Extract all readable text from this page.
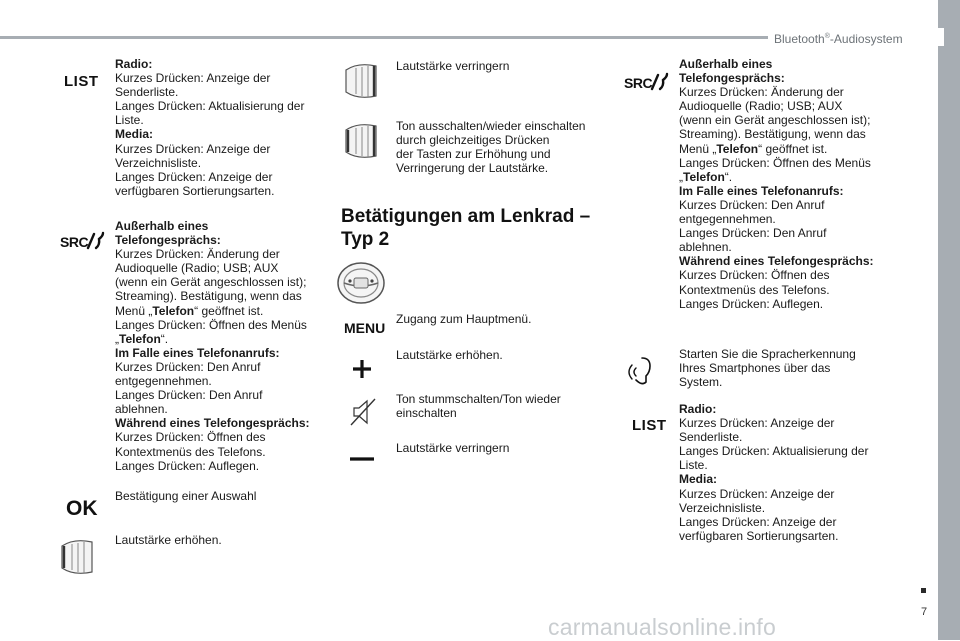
Bluetooth®-Audiosystem
7
carmanualsonline.info
LIST
Radio:
Kurzes Drücken: Anzeige der
Senderliste.
Langes Drücken: Aktualisierung der
Liste.
Media:
Kurzes Drücken: Anzeige der
Verzeichnisliste.
Langes Drücken: Anzeige der
verfügbaren Sortierungsarten.
SRC
Außerhalb eines
Telefongesprächs:
Kurzes Drücken: Änderung der
Audioquelle (Radio; USB; AUX
(wenn ein Gerät angeschlossen ist);
Streaming). Bestätigung, wenn das
Menü „Telefon“ geöffnet ist.
Langes Drücken: Öffnen des Menüs
„Telefon“.
Im Falle eines Telefonanrufs:
Kurzes Drücken: Den Anruf
entgegennehmen.
Langes Drücken: Den Anruf
ablehnen.
Während eines Telefongesprächs:
Kurzes Drücken: Öffnen des
Kontextmenüs des Telefons.
Langes Drücken: Auflegen.
OK
Bestätigung einer Auswahl
Lautstärke erhöhen.
Lautstärke verringern
Ton ausschalten/wieder einschalten
durch gleichzeitiges Drücken
der Tasten zur Erhöhung und
Verringerung der Lautstärke.
Betätigungen am Lenkrad –
Typ 2
MENU
Zugang zum Hauptmenü.
Lautstärke erhöhen.
Ton stummschalten/Ton wieder
einschalten
Lautstärke verringern
SRC
Außerhalb eines
Telefongesprächs:
Kurzes Drücken: Änderung der
Audioquelle (Radio; USB; AUX
(wenn ein Gerät angeschlossen ist);
Streaming). Bestätigung, wenn das
Menü „Telefon“ geöffnet ist.
Langes Drücken: Öffnen des Menüs
„Telefon“.
Im Falle eines Telefonanrufs:
Kurzes Drücken: Den Anruf
entgegennehmen.
Langes Drücken: Den Anruf
ablehnen.
Während eines Telefongesprächs:
Kurzes Drücken: Öffnen des
Kontextmenüs des Telefons.
Langes Drücken: Auflegen.
Starten Sie die Spracherkennung
Ihres Smartphones über das
System.
LIST
Radio:
Kurzes Drücken: Anzeige der
Senderliste.
Langes Drücken: Aktualisierung der
Liste.
Media:
Kurzes Drücken: Anzeige der
Verzeichnisliste.
Langes Drücken: Anzeige der
verfügbaren Sortierungsarten.
